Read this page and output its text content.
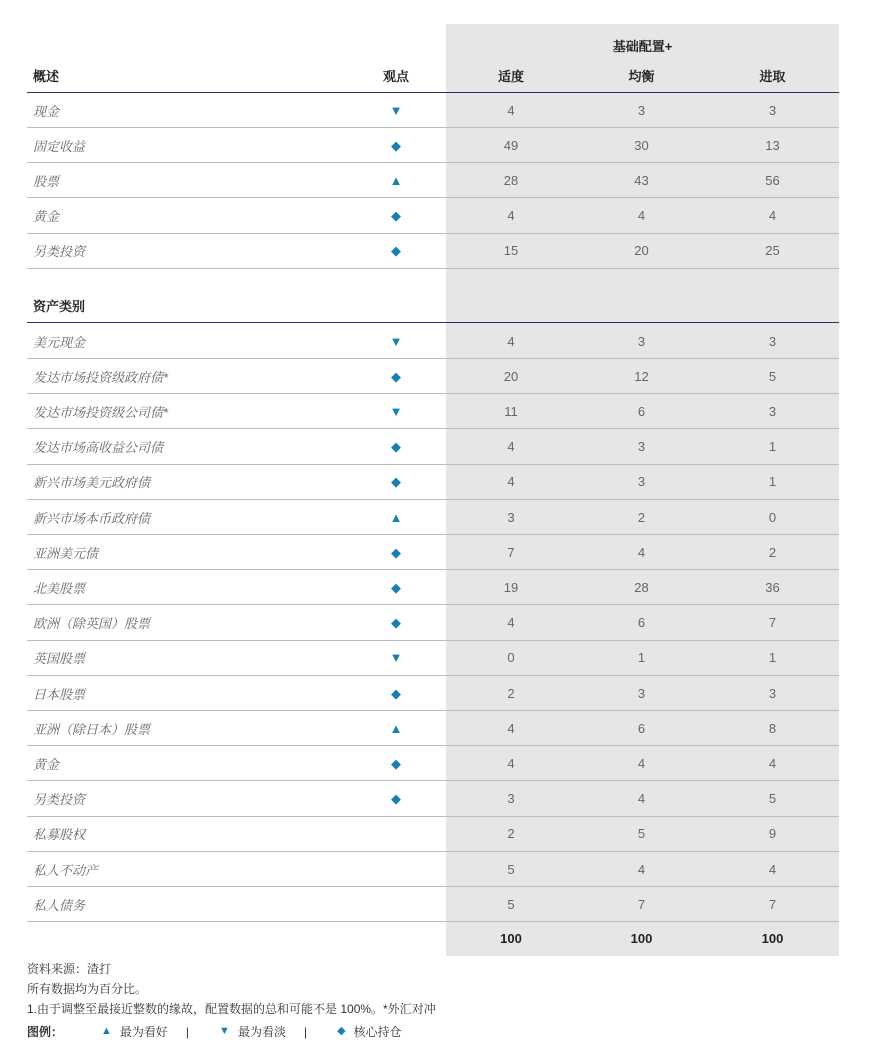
基础配置+
概述	观点	适度	均衡	进取
现金 ▼	4	3	3
固定收益 ◆	49	30	13
股票 ▲	28	43	56
黄金 ◆	4	4	4
另类投资 ◆	15	20	25
资产类别
美元现金 ▼	4	3	3
发达市场投资级政府债* ◆	20	12	5
发达市场投资级公司债* ▼	11	6	3
发达市场高收益公司债 ◆	4	3	1
新兴市场美元政府债 ◆	4	3	1
新兴市场本币政府债 ▲	3	2	0
亚洲美元债 ◆	7	4	2
北美股票 ◆	19	28	36
欧洲（除英国）股票 ◆	4	6	7
英国股票 ▼	0	1	1
日本股票 ◆	2	3	3
亚洲（除日本）股票 ▲	4	6	8
黄金 ◆	4	4	4
另类投资 ◆	3	4	5
私募股权	2	5	9
私人不动产	5	4	4
私人债务	5	7	7
100	100	100
资料来源：渣打
所有数据均为百分比。
1.由于调整至最接近整数的缘故，配置数据的总和可能不是 100%。*外汇对冲
图例： ▲	最为看好 | ▼	最为看淡 | ◆	核心持仓
